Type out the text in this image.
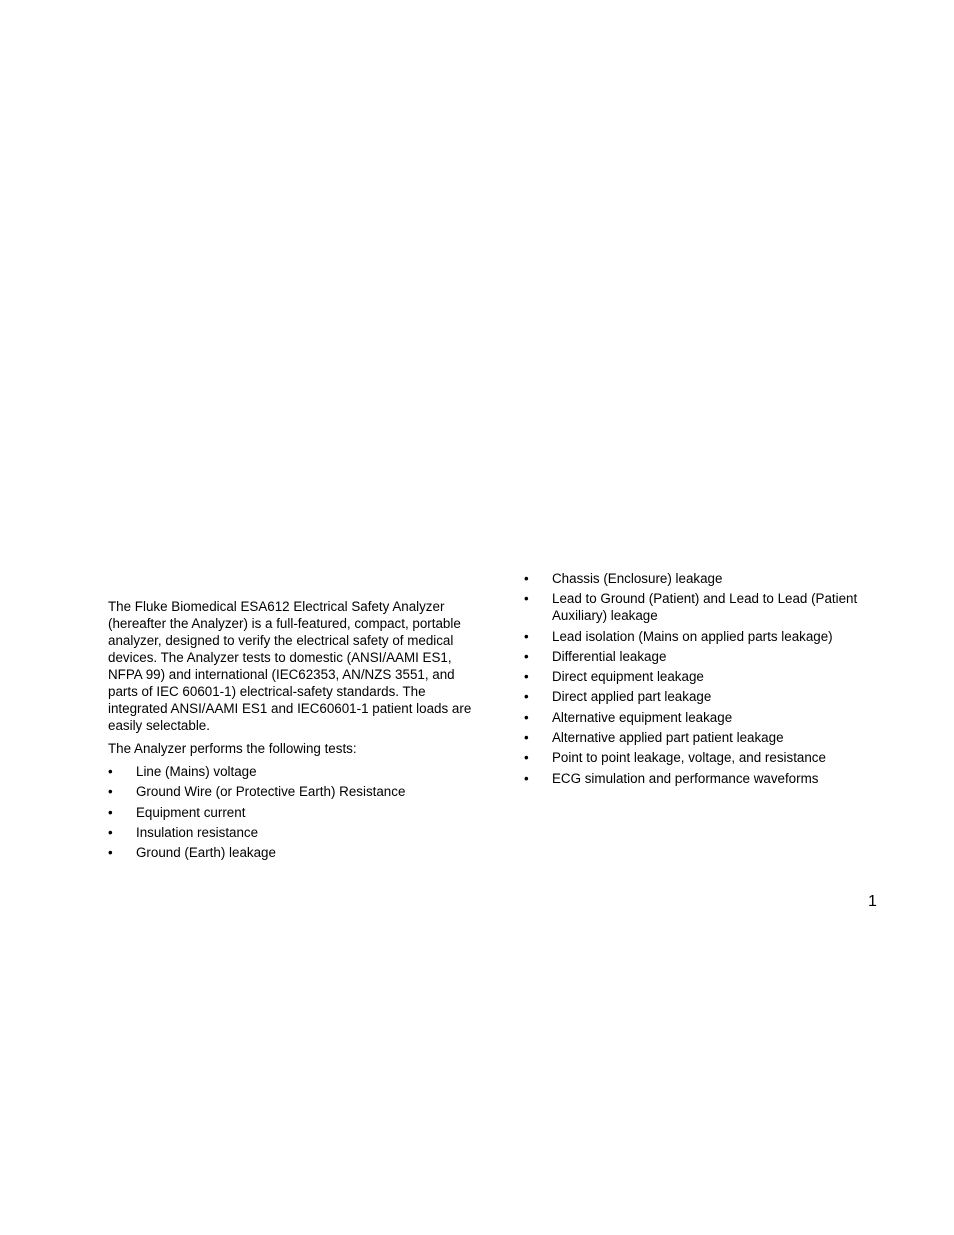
The Fluke Biomedical ESA612 Electrical Safety Analyzer (hereafter the Analyzer) is a full-featured, compact, portable analyzer, designed to verify the electrical safety of medical devices. The Analyzer tests to domestic (ANSI/AAMI ES1, NFPA 99) and international (IEC62353, AN/NZS 3551, and parts of IEC 60601-1) electrical-safety standards. The integrated ANSI/AAMI ES1 and IEC60601-1 patient loads are easily selectable.

The Analyzer performs the following tests:

•	Line (Mains) voltage
•	Ground Wire (or Protective Earth) Resistance
•	Equipment current
•	Insulation resistance
•	Ground (Earth) leakage
•	Chassis (Enclosure) leakage
•	Lead to Ground (Patient) and Lead to Lead (Patient Auxiliary) leakage
•	Lead isolation (Mains on applied parts leakage)
•	Differential leakage
•	Direct equipment leakage
•	Direct applied part leakage
•	Alternative equipment leakage
•	Alternative applied part patient leakage
•	Point to point leakage, voltage, and resistance
•	ECG simulation and performance waveforms
1
